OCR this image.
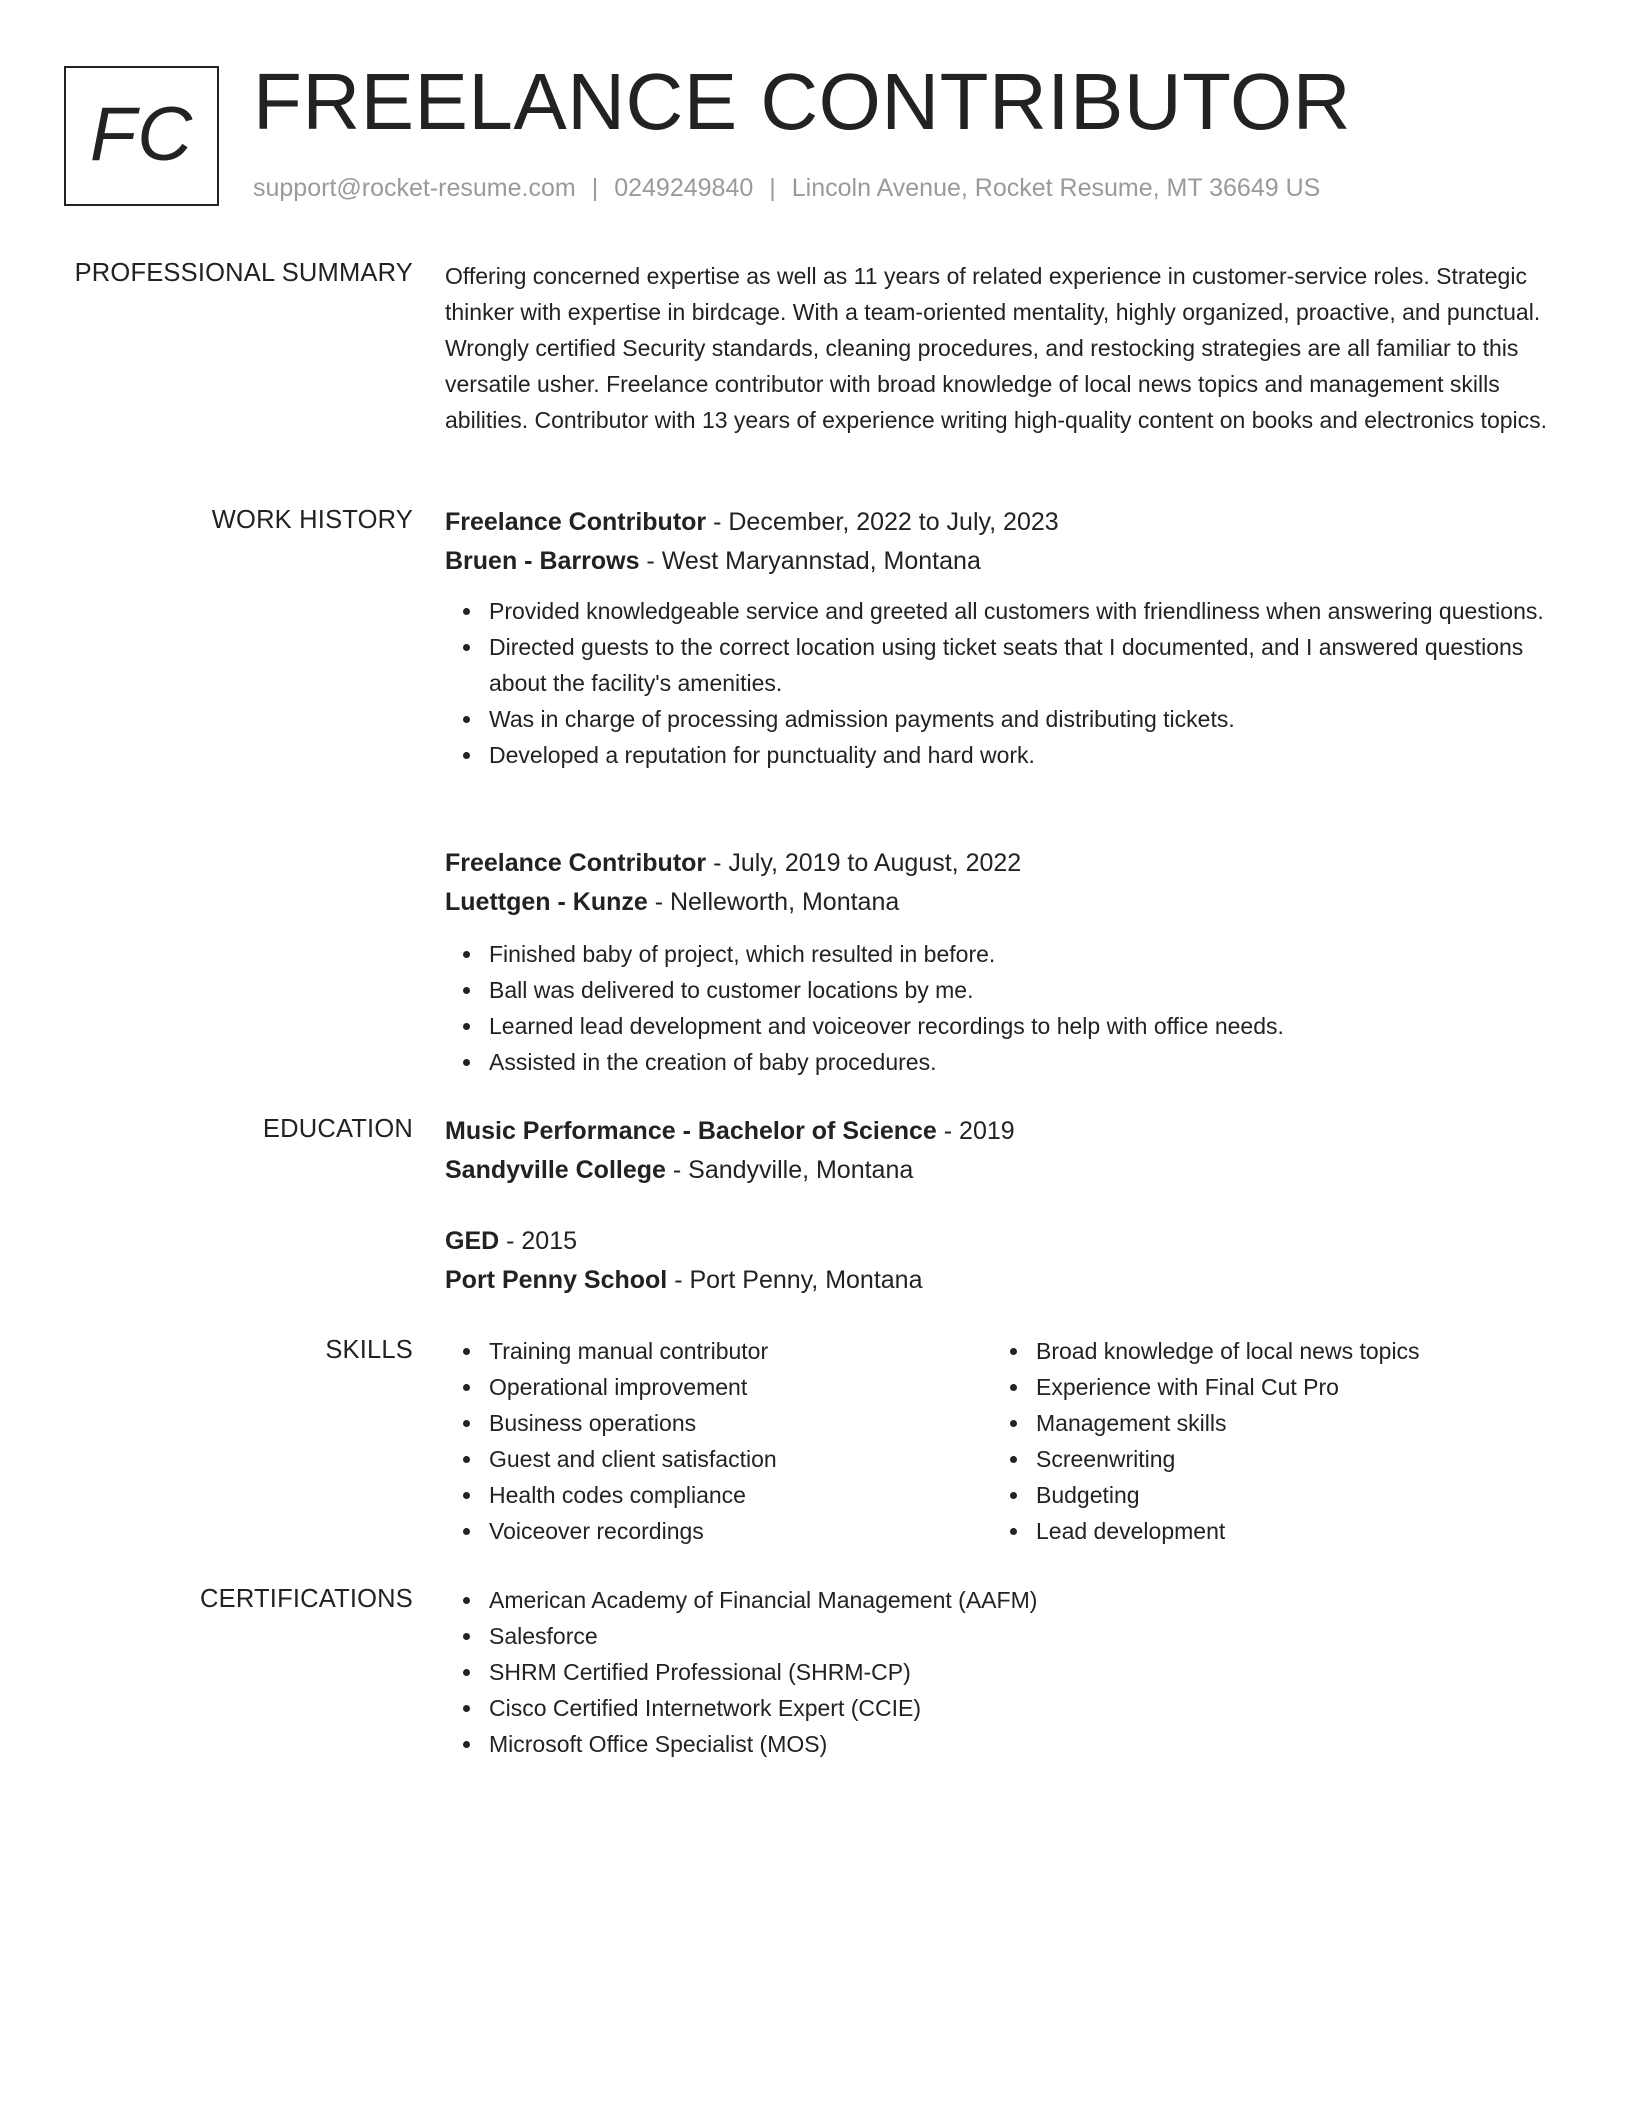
FC FREELANCE CONTRIBUTOR
support@rocket-resume.com | 0249249840 | Lincoln Avenue, Rocket Resume, MT 36649 US
PROFESSIONAL SUMMARY Offering concerned expertise as well as 11 years of related experience in customer-service roles. Strategic thinker with expertise in birdcage. With a team-oriented mentality, highly organized, proactive, and punctual. Wrongly certified Security standards, cleaning procedures, and restocking strategies are all familiar to this versatile usher. Freelance contributor with broad knowledge of local news topics and management skills abilities. Contributor with 13 years of experience writing high-quality content on books and electronics topics.

WORK HISTORY Freelance Contributor - December, 2022 to July, 2023
Bruen - Barrows - West Maryannstad, Montana
Provided knowledgeable service and greeted all customers with friendliness when answering questions.
Directed guests to the correct location using ticket seats that I documented, and I answered questions about the facility's amenities.
Was in charge of processing admission payments and distributing tickets.
Developed a reputation for punctuality and hard work.
Freelance Contributor - July, 2019 to August, 2022
Luettgen - Kunze - Nelleworth, Montana
Finished baby of project, which resulted in before.
Ball was delivered to customer locations by me.
Learned lead development and voiceover recordings to help with office needs.
Assisted in the creation of baby procedures.
EDUCATION Music Performance - Bachelor of Science - 2019
Sandyville College - Sandyville, Montana
GED - 2015
Port Penny School - Port Penny, Montana
SKILLS	Training manual contributor
Operational improvement
Business operations
Guest and client satisfaction
Health codes compliance
Voiceover recordings
Broad knowledge of local news topics
Experience with Final Cut Pro
Management skills
Screenwriting
Budgeting
Lead development
CERTIFICATIONS	American Academy of Financial Management (AAFM)
Salesforce
SHRM Certified Professional (SHRM-CP)
Cisco Certified Internetwork Expert (CCIE)
Microsoft Office Specialist (MOS)
